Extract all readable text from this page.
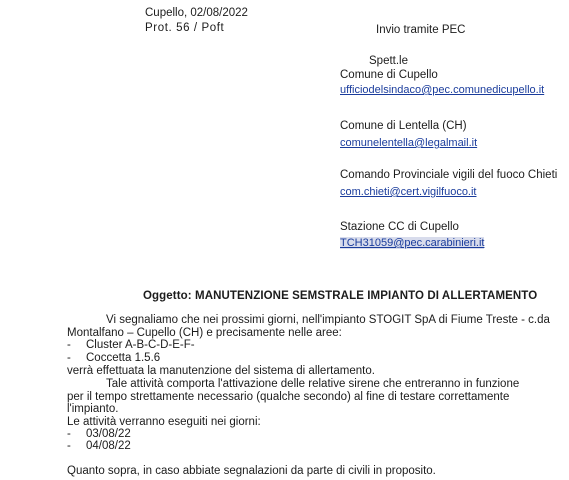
Cupello, 02/08/2022
Prot. 56 / Poft	Invio tramite PEC
Spett.le
Comune di Cupello
ufficiodelsindaco@pec.comunedicupello.it
Comune di Lentella (CH)
comunelentella@legalmail.it
Comando Provinciale vigili del fuoco Chieti
com.chieti@cert.vigilfuoco.it
Stazione CC di Cupello
TCH31059@pec.carabinieri.it
Oggetto: MANUTENZIONE SEMSTRALE IMPIANTO DI ALLERTAMENTO
Vi segnaliamo che nei prossimi giorni, nell'impianto STOGIT SpA di Fiume Treste - c.da
Montalfano – Cupello (CH) e precisamente nelle aree:
- Cluster A-B-C-D-E-F-
- Coccetta 1.5.6
verrà effettuata la manutenzione del sistema di allertamento.
Tale attività comporta l'attivazione delle relative sirene che entreranno in funzione
per il tempo strettamente necessario (qualche secondo) al fine di testare correttamente
l'impianto.
Le attività verranno eseguiti nei giorni:
- 03/08/22
- 04/08/22
Quanto sopra, in caso abbiate segnalazioni da parte di civili in proposito.
